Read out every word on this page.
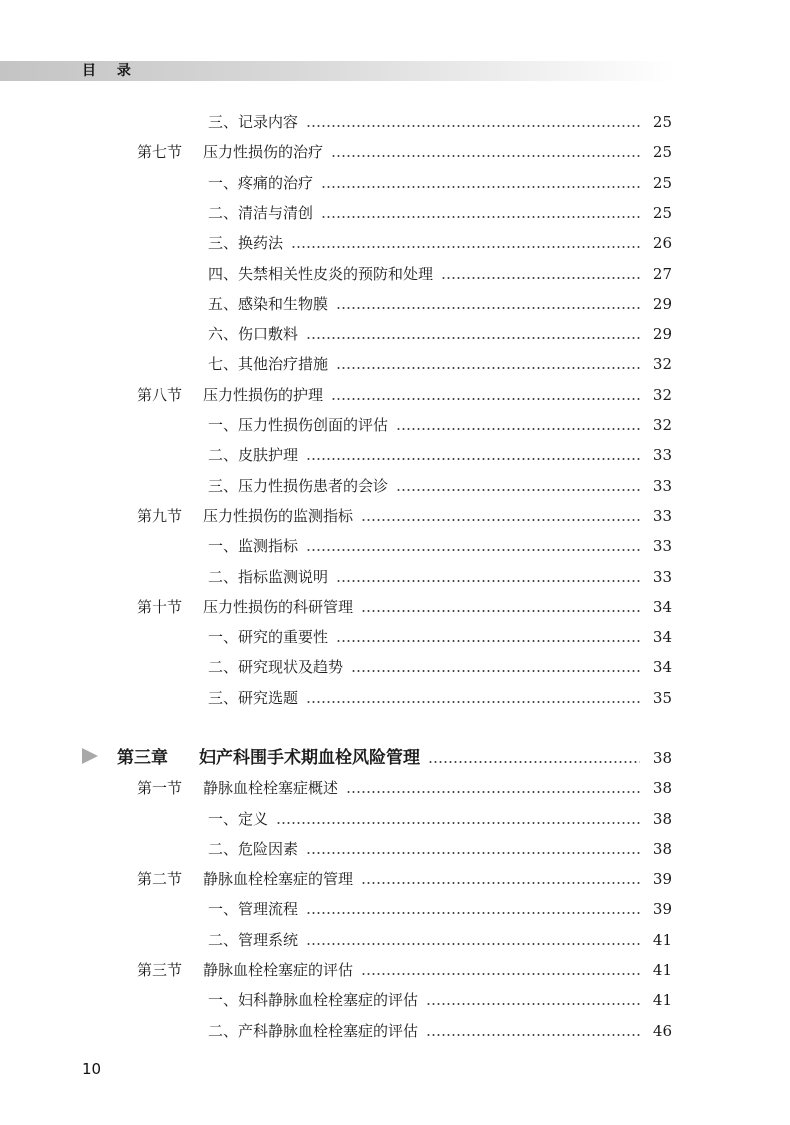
目 录
三、记录内容	25
第七节 压力性损伤的治疗	25
一、疼痛的治疗	25
二、清洁与清创	25
三、换药法	26
四、失禁相关性皮炎的预防和处理	27
五、感染和生物膜	29
六、伤口敷料	29
七、其他治疗措施	32
第八节 压力性损伤的护理	32
一、压力性损伤创面的评估	32
二、皮肤护理	33
三、压力性损伤患者的会诊	33
第九节 压力性损伤的监测指标	33
一、监测指标	33
二、指标监测说明	33
第十节 压力性损伤的科研管理	34
一、研究的重要性	34
二、研究现状及趋势	34
三、研究选题	35
第三章 妇产科围手术期血栓风险管理	38
第一节 静脉血栓栓塞症概述	38
一、定义	38
二、危险因素	38
第二节 静脉血栓栓塞症的管理	39
一、管理流程	39
二、管理系统	41
第三节 静脉血栓栓塞症的评估	41
一、妇科静脉血栓栓塞症的评估	41
二、产科静脉血栓栓塞症的评估	46
10
